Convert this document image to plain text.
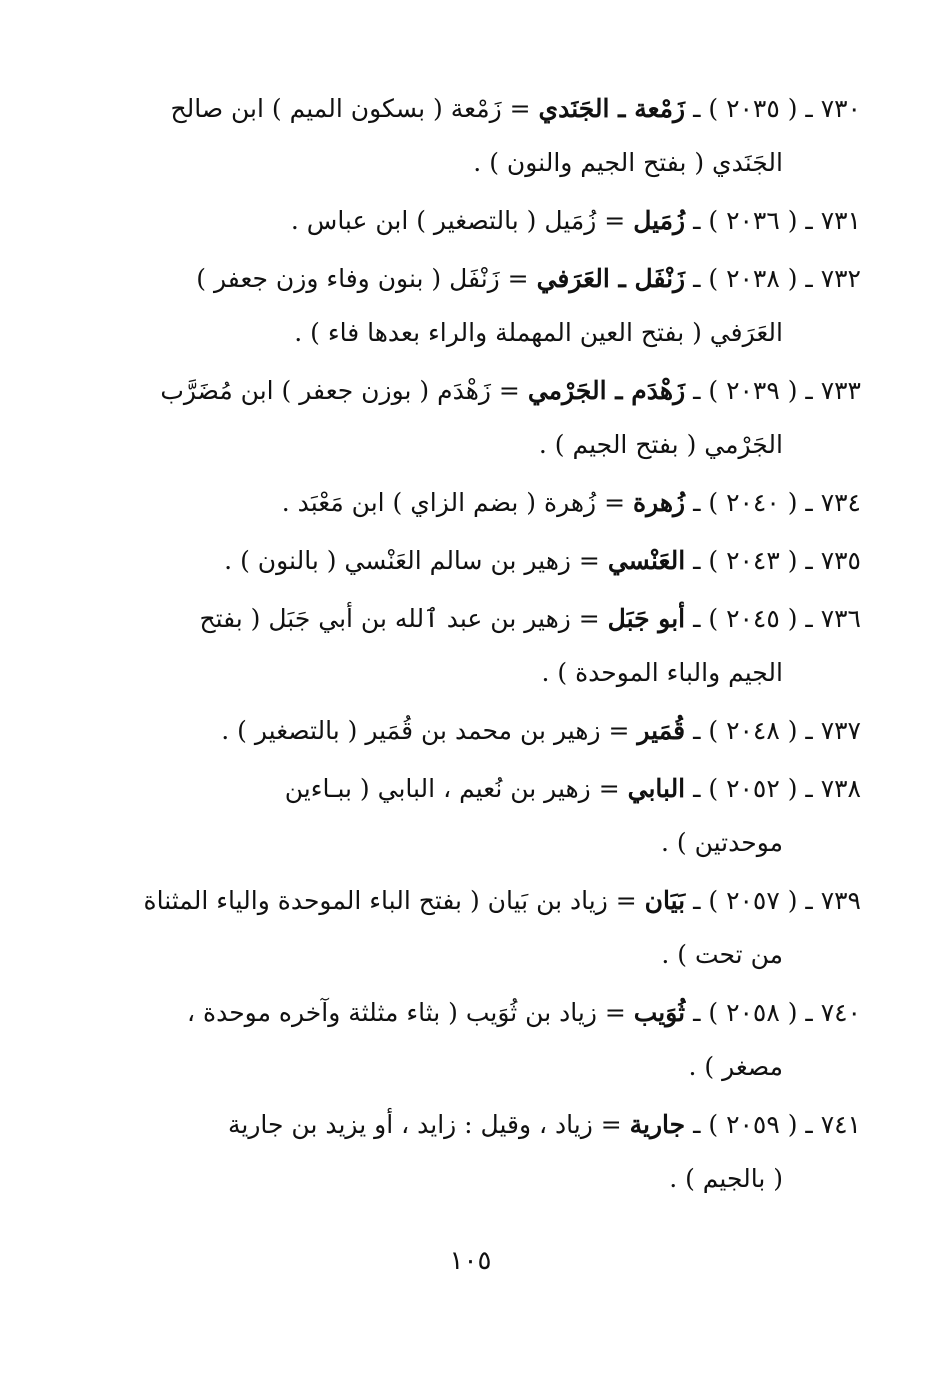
٧٣٠ ـ ( ٢٠٣٥ ) ـ زَمْعة ـ الجَنَدي = زَمْعة ( بسكون الميم ) ابن صالح
الجَنَدي ( بفتح الجيم والنون ) .
٧٣١ ـ ( ٢٠٣٦ ) ـ زُمَيل = زُمَيل ( بالتصغير ) ابن عباس .
٧٣٢ ـ ( ٢٠٣٨ ) ـ زَنْفَل ـ العَرَفي = زَنْفَل ( بنون وفاء وزن جعفر )
العَرَفي ( بفتح العين المهملة والراء بعدها فاء ) .
٧٣٣ ـ ( ٢٠٣٩ ) ـ زَهْدَم ـ الجَرْمي = زَهْدَم ( بوزن جعفر ) ابن مُضَرَّب
الجَرْمي ( بفتح الجيم ) .
٧٣٤ ـ ( ٢٠٤٠ ) ـ زُهرة = زُهرة ( بضم الزاي ) ابن مَعْبَد .
٧٣٥ ـ ( ٢٠٤٣ ) ـ العَنْسي = زهير بن سالم العَنْسي ( بالنون ) .
٧٣٦ ـ ( ٢٠٤٥ ) ـ أبو جَبَل = زهير بن عبد ٱلله بن أبي جَبَل ( بفتح
الجيم والباء الموحدة ) .
٧٣٧ ـ ( ٢٠٤٨ ) ـ قُمَير = زهير بن محمد بن قُمَير ( بالتصغير ) .
٧٣٨ ـ ( ٢٠٥٢ ) ـ البابي = زهير بن نُعيم ، البابي ( ببـاءين
موحدتين ) .
٧٣٩ ـ ( ٢٠٥٧ ) ـ بَيَان = زياد بن بَيان ( بفتح الباء الموحدة والياء المثناة
من تحت ) .
٧٤٠ ـ ( ٢٠٥٨ ) ـ ثُوَيب = زياد بن ثُوَيب ( بثاء مثلثة وآخره موحدة ،
مصغر ) .
٧٤١ ـ ( ٢٠٥٩ ) ـ جارية = زياد ، وقيل : زايد ، أو يزيد بن جارية
( بالجيم ) .
١٠٥
